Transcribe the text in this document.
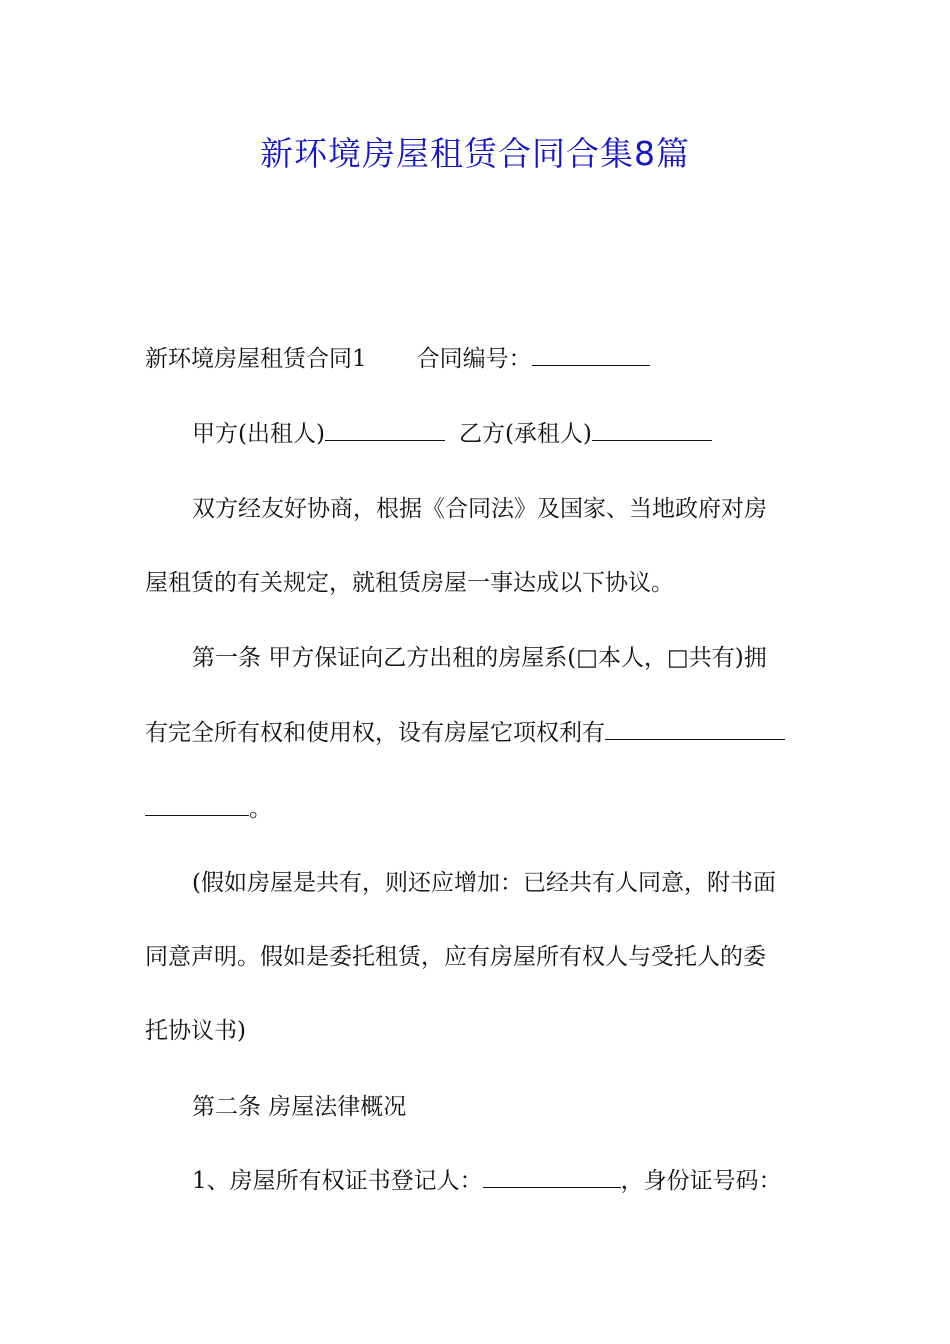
新环境房屋租赁合同合集8篇
新环境房屋租赁合同1 合同编号：
甲方(出租人)	乙方(承租人)
双方经友好协商，根据《合同法》及国家、当地政府对房
屋租赁的有关规定，就租赁房屋一事达成以下协议。
第一条 甲方保证向乙方出租的房屋系(□本人，□共有)拥
有完全所有权和使用权，设有房屋它项权利有
。
(假如房屋是共有，则还应增加：已经共有人同意，附书面
同意声明。假如是委托租赁，应有房屋所有权人与受托人的委
托协议书)
第二条 房屋法律概况
1、房屋所有权证书登记人：	，身份证号码：
